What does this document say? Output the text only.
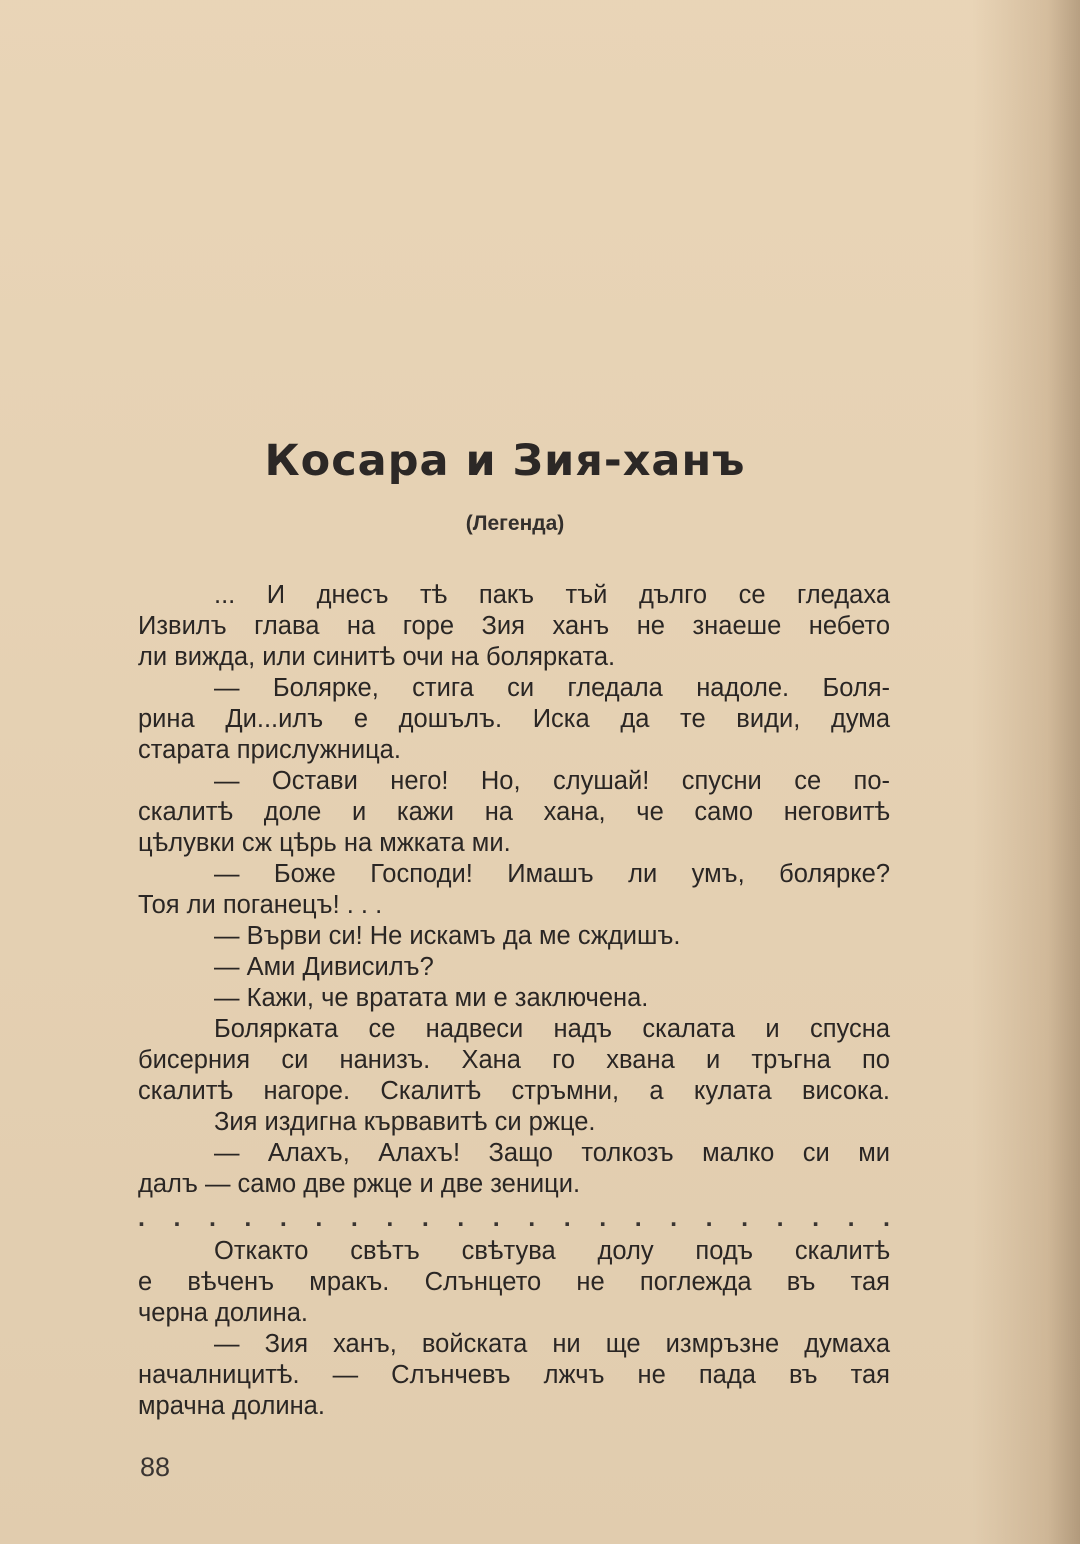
Косара и Зия-ханъ
(Легенда)
... И днесъ тѣ пакъ тъй дълго се гледаха
Извилъ глава на горе Зия ханъ не знаеше небето
ли вижда, или синитѣ очи на болярката.
— Болярке, стига си гледала надоле. Боля-
рина Ди...илъ е дошълъ. Иска да те види, дума
старата прислужница.
— Остави него! Но, слушай! спусни се по-
скалитѣ доле и кажи на хана, че само неговитѣ
цѣлувки сж цѣрь на мжката ми.
— Боже Господи! Имашъ ли умъ, болярке?
Тоя ли поганецъ! . . .
— Върви си! Не искамъ да ме сждишъ.
— Ами Дивисилъ?
— Кажи, че вратата ми е заключена.
Болярката се надвеси надъ скалата и спусна
бисерния си нанизъ. Хана го хвана и тръгна по
скалитѣ нагоре. Скалитѣ стръмни, а кулата висока.
Зия издигна кървавитѣ си ржце.
— Алахъ, Алахъ! Защо толкозъ малко си ми
далъ — само две ржце и две зеници.
. . . . . . . . . . . . . . . . . . . . . .
Откакто свѣтъ свѣтува долу подъ скалитѣ
е вѣченъ мракъ. Слънцето не поглежда въ тая
черна долина.
— Зия ханъ, войската ни ще измръзне думаха
началницитѣ. — Слънчевъ лжчъ не пада въ тая
мрачна долина.
88
